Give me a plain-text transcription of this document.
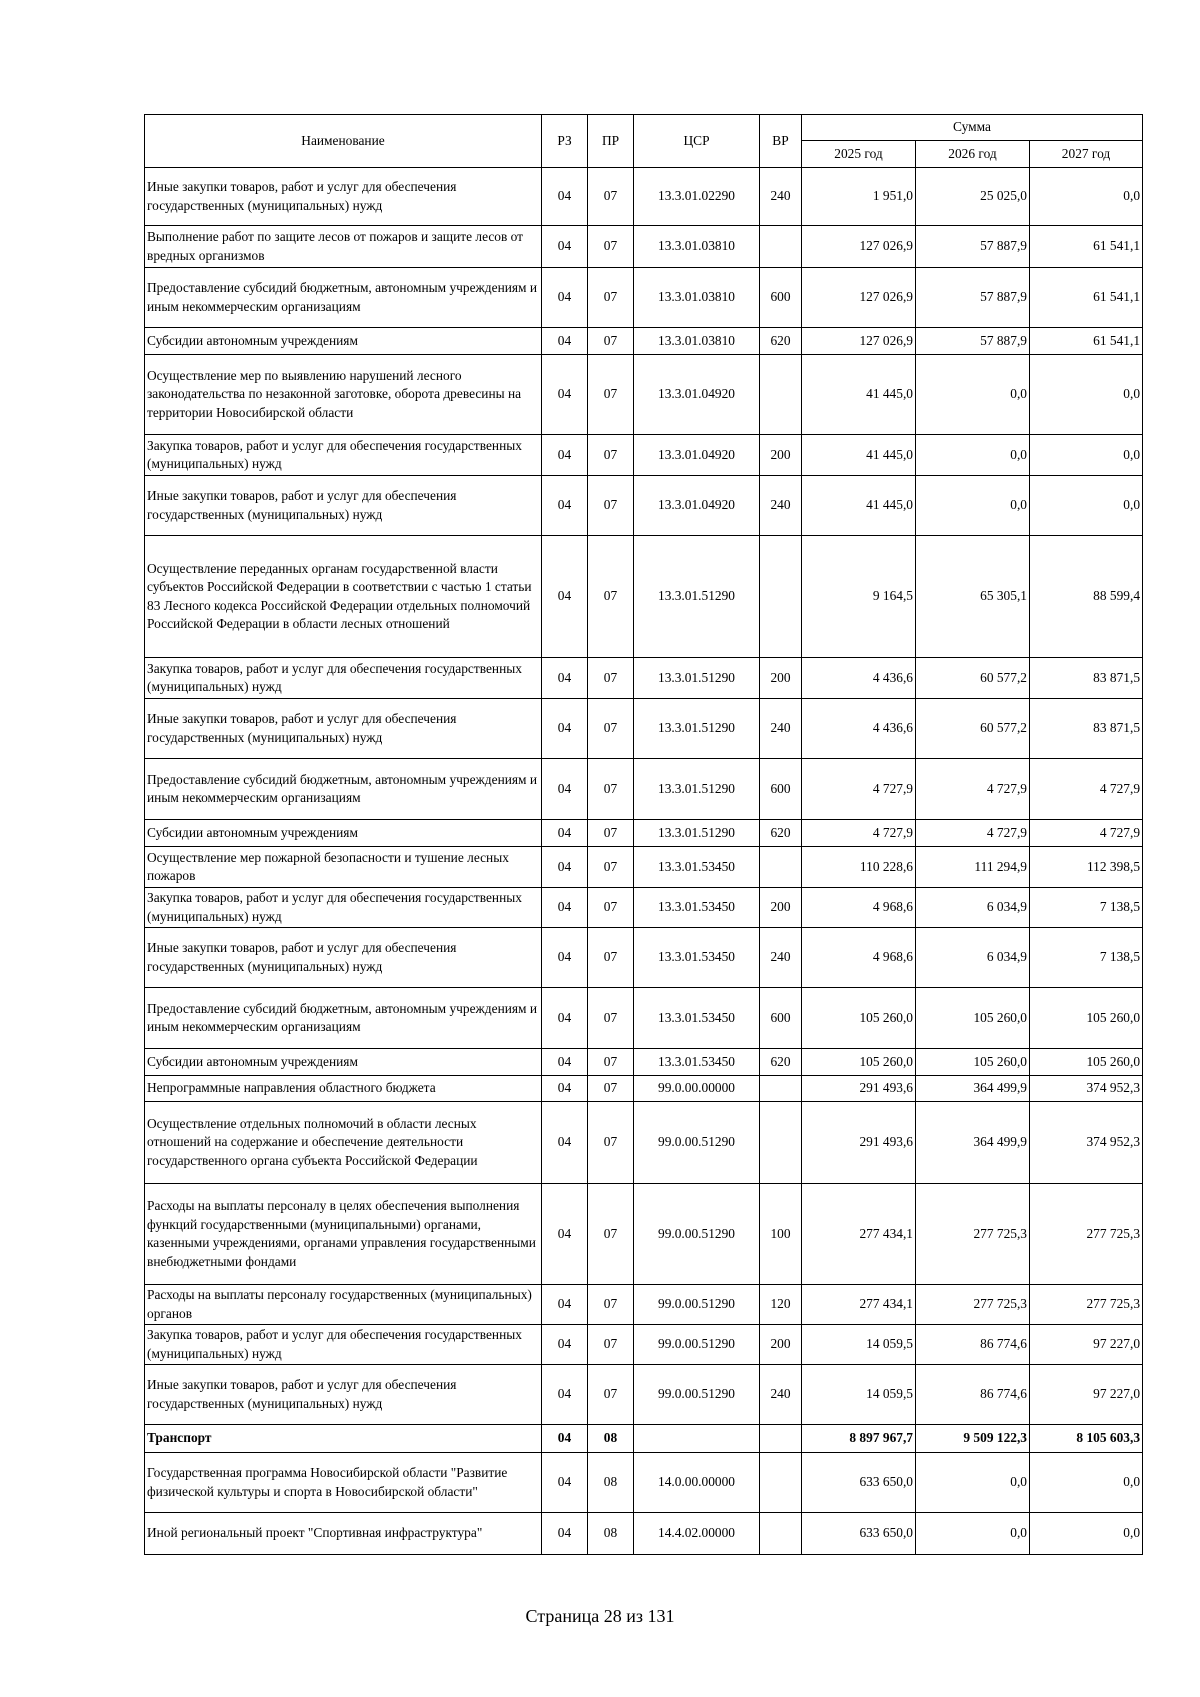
Наименование	РЗ	ПР	ЦСР	ВР	Сумма		
					2025 год	2026 год	2027 год
Иные закупки товаров, работ и услуг для обеспечения государственных (муниципальных) нужд	04	07	13.3.01.02290	240	1 951,0	25 025,0	0,0
Выполнение работ по защите лесов от пожаров и защите лесов от вредных организмов	04	07	13.3.01.03810		127 026,9	57 887,9	61 541,1
Предоставление субсидий бюджетным, автономным учреждениям и иным некоммерческим организациям	04	07	13.3.01.03810	600	127 026,9	57 887,9	61 541,1
Субсидии автономным учреждениям	04	07	13.3.01.03810	620	127 026,9	57 887,9	61 541,1
Осуществление мер по выявлению нарушений лесного законодательства по незаконной заготовке, оборота древесины на территории Новосибирской области	04	07	13.3.01.04920		41 445,0	0,0	0,0
Закупка товаров, работ и услуг для обеспечения государственных (муниципальных) нужд	04	07	13.3.01.04920	200	41 445,0	0,0	0,0
Иные закупки товаров, работ и услуг для обеспечения государственных (муниципальных) нужд	04	07	13.3.01.04920	240	41 445,0	0,0	0,0
Осуществление переданных органам государственной власти субъектов Российской Федерации в соответствии с частью 1 статьи 83 Лесного кодекса Российской Федерации отдельных полномочий Российской Федерации в области лесных отношений	04	07	13.3.01.51290		9 164,5	65 305,1	88 599,4
Закупка товаров, работ и услуг для обеспечения государственных (муниципальных) нужд	04	07	13.3.01.51290	200	4 436,6	60 577,2	83 871,5
Иные закупки товаров, работ и услуг для обеспечения государственных (муниципальных) нужд	04	07	13.3.01.51290	240	4 436,6	60 577,2	83 871,5
Предоставление субсидий бюджетным, автономным учреждениям и иным некоммерческим организациям	04	07	13.3.01.51290	600	4 727,9	4 727,9	4 727,9
Субсидии автономным учреждениям	04	07	13.3.01.51290	620	4 727,9	4 727,9	4 727,9
Осуществление мер пожарной безопасности и тушение лесных пожаров	04	07	13.3.01.53450		110 228,6	111 294,9	112 398,5
Закупка товаров, работ и услуг для обеспечения государственных (муниципальных) нужд	04	07	13.3.01.53450	200	4 968,6	6 034,9	7 138,5
Иные закупки товаров, работ и услуг для обеспечения государственных (муниципальных) нужд	04	07	13.3.01.53450	240	4 968,6	6 034,9	7 138,5
Предоставление субсидий бюджетным, автономным учреждениям и иным некоммерческим организациям	04	07	13.3.01.53450	600	105 260,0	105 260,0	105 260,0
Субсидии автономным учреждениям	04	07	13.3.01.53450	620	105 260,0	105 260,0	105 260,0
Непрограммные направления областного бюджета	04	07	99.0.00.00000		291 493,6	364 499,9	374 952,3
Осуществление отдельных полномочий в области лесных отношений на содержание и обеспечение деятельности государственного органа субъекта Российской Федерации	04	07	99.0.00.51290		291 493,6	364 499,9	374 952,3
Расходы на выплаты персоналу в целях обеспечения выполнения функций государственными (муниципальными) органами, казенными учреждениями, органами управления государственными внебюджетными фондами	04	07	99.0.00.51290	100	277 434,1	277 725,3	277 725,3
Расходы на выплаты персоналу государственных (муниципальных) органов	04	07	99.0.00.51290	120	277 434,1	277 725,3	277 725,3
Закупка товаров, работ и услуг для обеспечения государственных (муниципальных) нужд	04	07	99.0.00.51290	200	14 059,5	86 774,6	97 227,0
Иные закупки товаров, работ и услуг для обеспечения государственных (муниципальных) нужд	04	07	99.0.00.51290	240	14 059,5	86 774,6	97 227,0
Транспорт	04	08			8 897 967,7	9 509 122,3	8 105 603,3
Государственная программа Новосибирской области "Развитие физической культуры и спорта в Новосибирской области"	04	08	14.0.00.00000		633 650,0	0,0	0,0
Иной региональный проект "Спортивная инфраструктура"	04	08	14.4.02.00000		633 650,0	0,0	0,0
Страница 28 из 131
